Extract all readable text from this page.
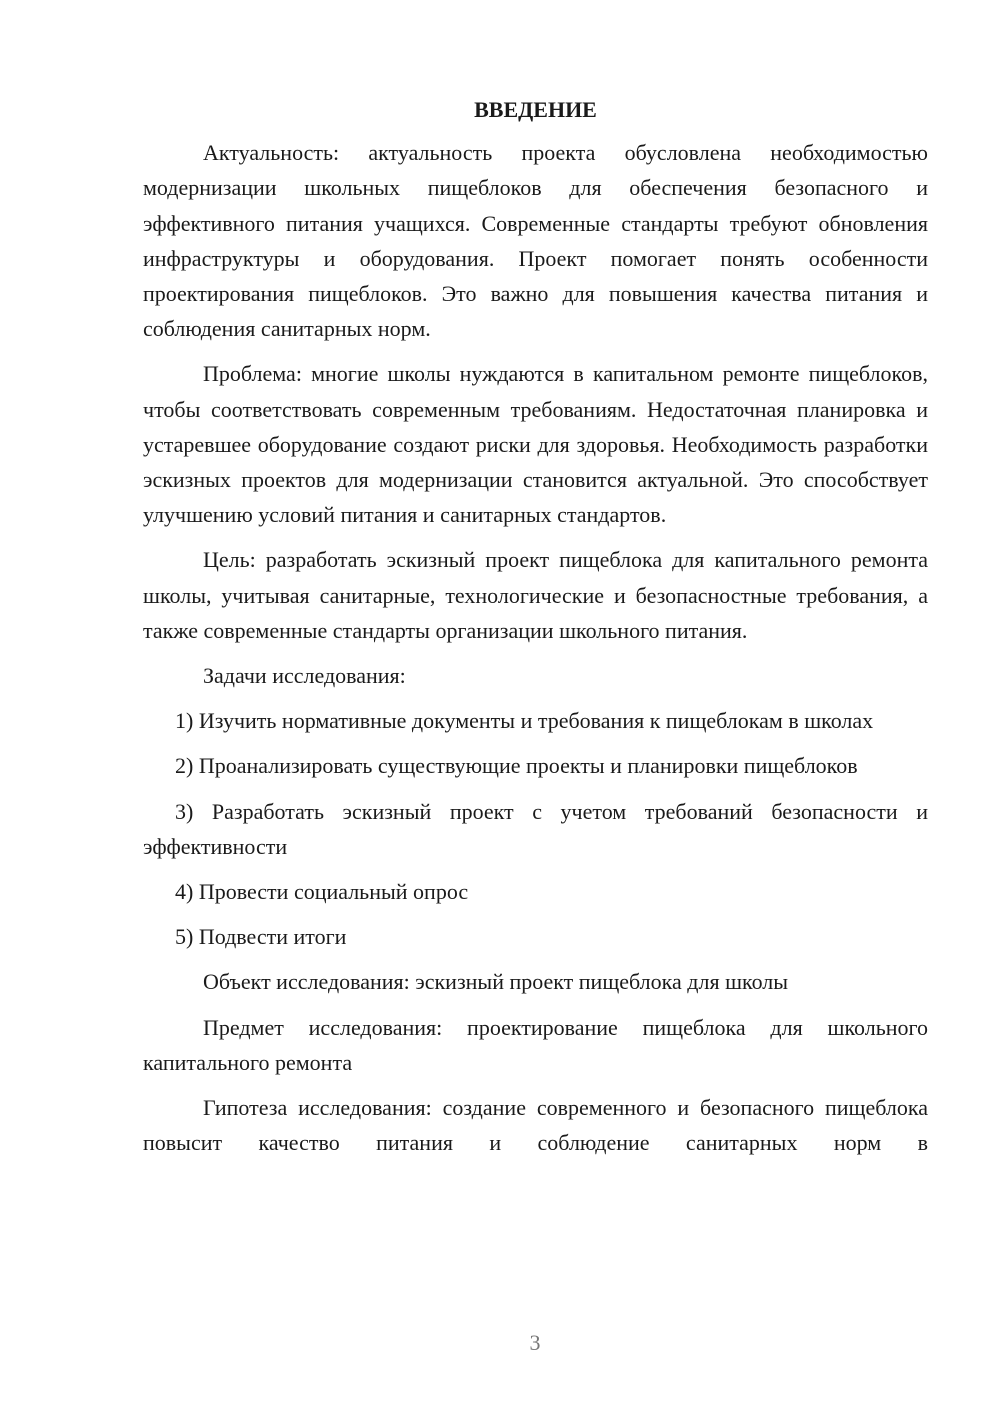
ВВЕДЕНИЕ

Актуальность: актуальность проекта обусловлена необходимостью модернизации школьных пищеблоков для обеспечения безопасного и эффективного питания учащихся. Современные стандарты требуют обновления инфраструктуры и оборудования. Проект помогает понять особенности проектирования пищеблоков. Это важно для повышения качества питания и соблюдения санитарных норм.

Проблема: многие школы нуждаются в капитальном ремонте пищеблоков, чтобы соответствовать современным требованиям. Недостаточная планировка и устаревшее оборудование создают риски для здоровья. Необходимость разработки эскизных проектов для модернизации становится актуальной. Это способствует улучшению условий питания и санитарных стандартов.

Цель: разработать эскизный проект пищеблока для капитального ремонта школы, учитывая санитарные, технологические и безопасностные требования, а также современные стандарты организации школьного питания.

Задачи исследования:

1) Изучить нормативные документы и требования к пищеблокам в школах

2) Проанализировать существующие проекты и планировки пищеблоков

3) Разработать эскизный проект с учетом требований безопасности и эффективности

4) Провести социальный опрос

5) Подвести итоги

Объект исследования: эскизный проект пищеблока для школы

Предмет исследования: проектирование пищеблока для школьного капитального ремонта

Гипотеза исследования: создание современного и безопасного пищеблока повысит качество питания и соблюдение санитарных норм в

3
